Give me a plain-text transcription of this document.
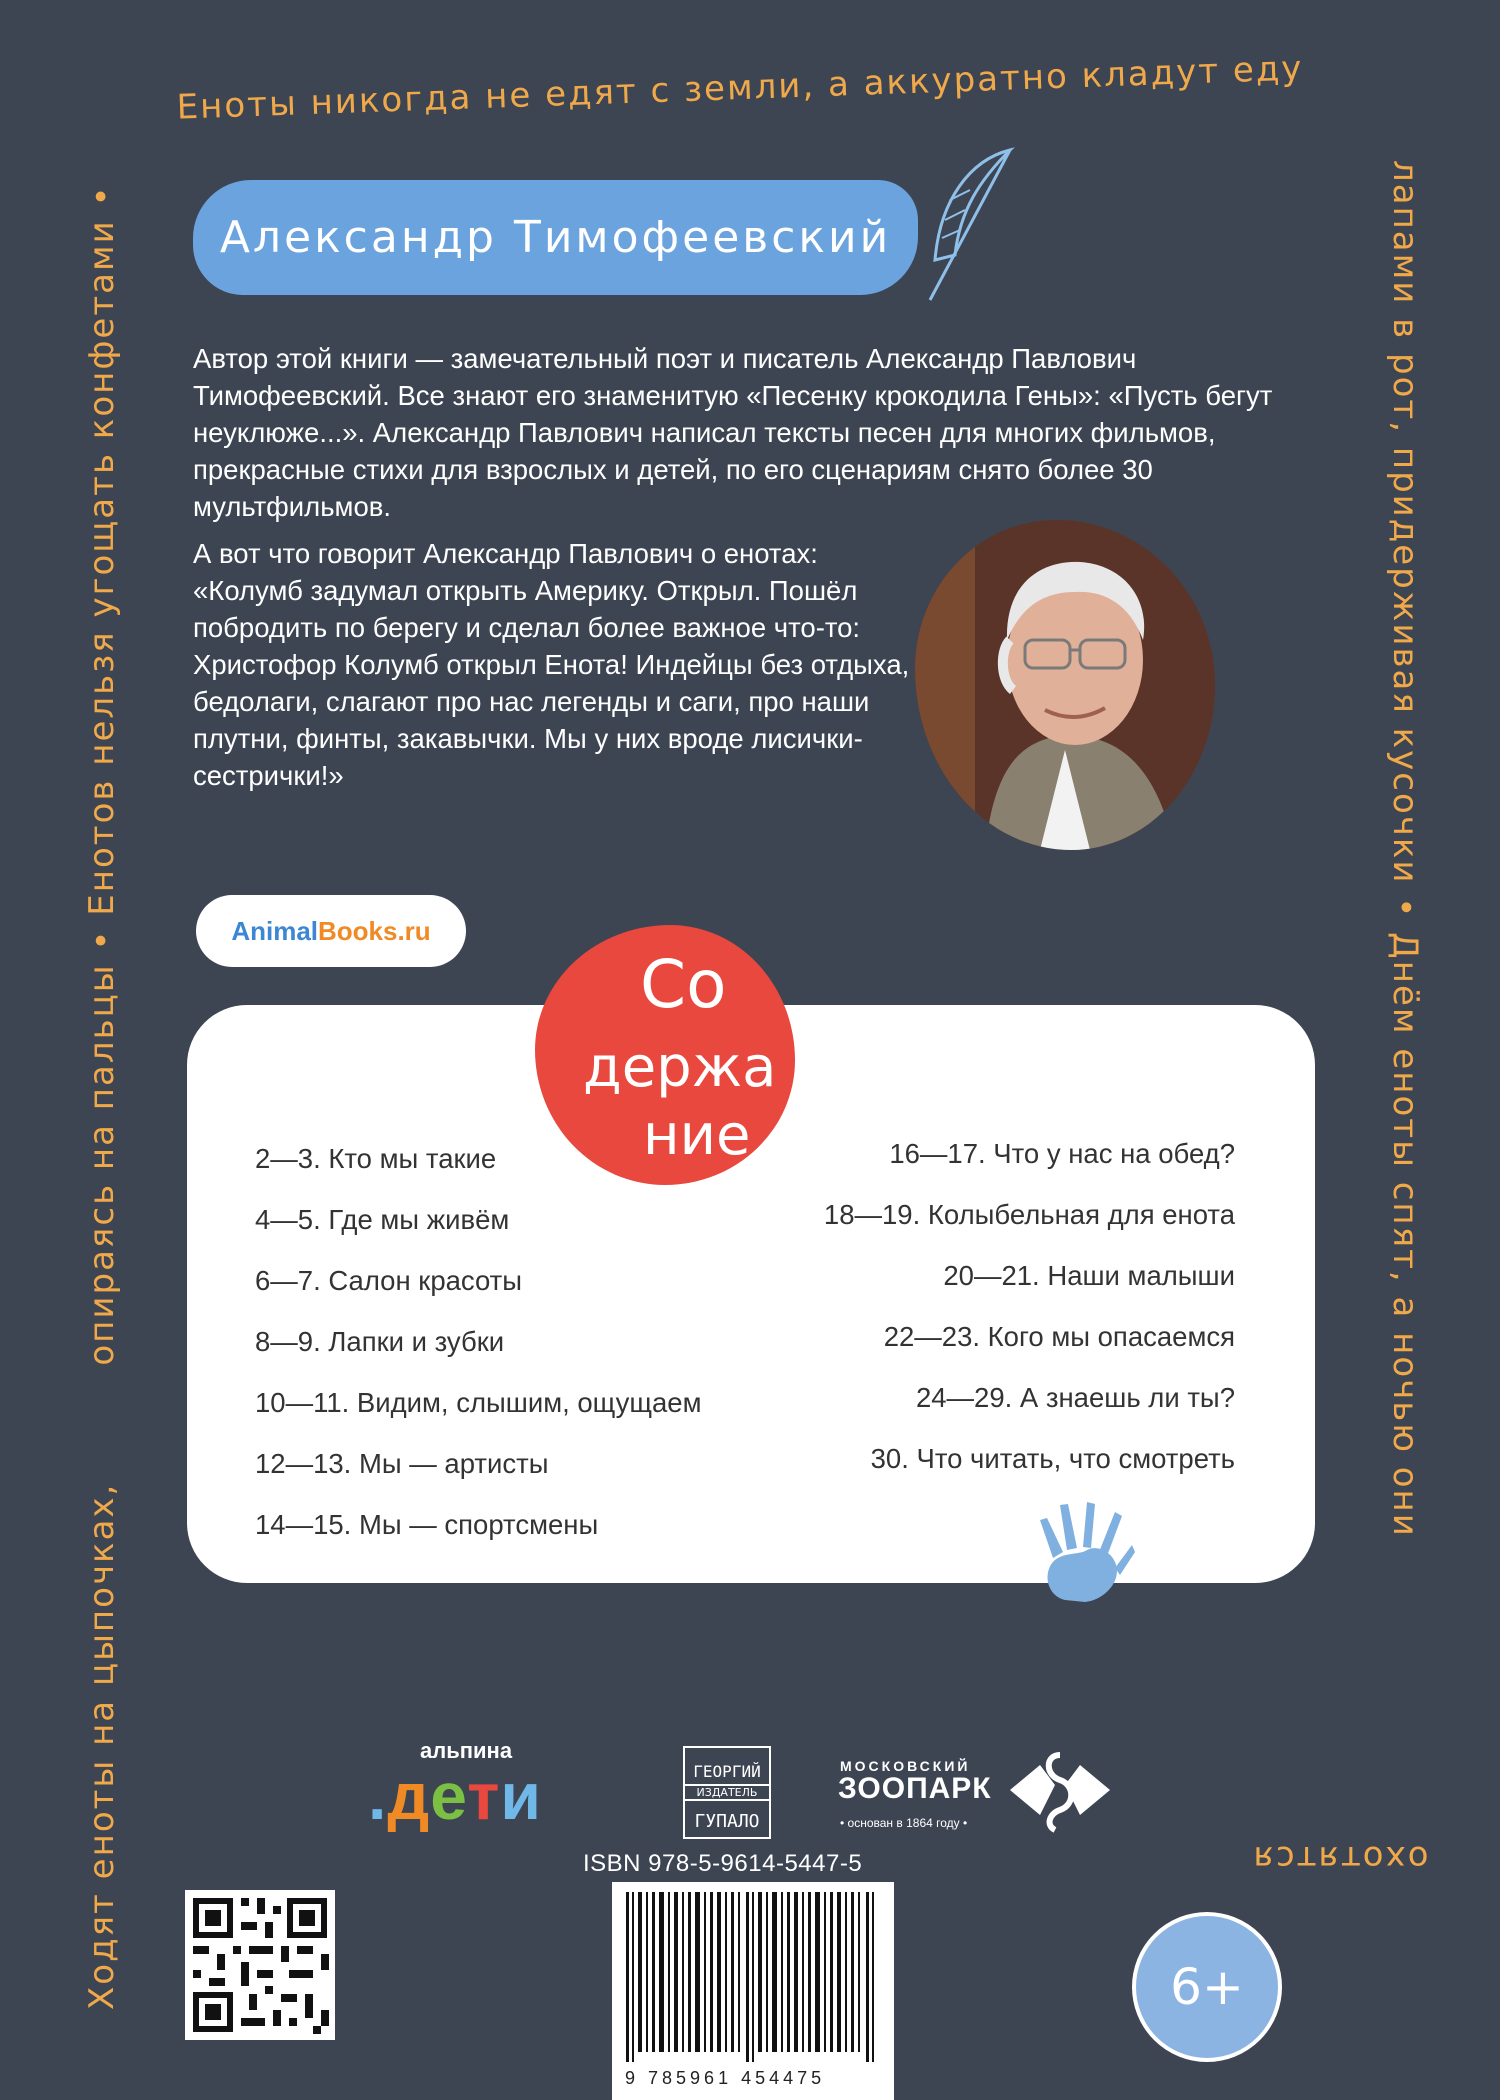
Еноты никогда не едят с земли, а аккуратно кладут еду
лапами в рот, придерживая кусочки • Днём еноты спят, а ночью они
охотятся
опираясь на пальцы • Енотов нельзя угощать конфетами •
Ходят еноты на цыпочках,
Александр Тимофеевский

Автор этой книги — замечательный поэт и писатель Александр Павлович Тимофеевский. Все знают его знаменитую «Песенку крокодила Гены»: «Пусть бегут неуклюже...». Александр Павлович написал тексты песен для многих фильмов, прекрасные стихи для взрослых и детей, по его сценариям снято более 30 мультфильмов.

А вот что говорит Александр Павлович о енотах: «Колумб задумал открыть Америку. Открыл. Пошёл побродить по берегу и сделал более важное что-то: Христофор Колумб открыл Енота! Индейцы без отдыха, бедолаги, слагают про нас легенды и саги, про наши плутни, финты, закавычки. Мы у них вроде лисички-сестрички!»

Animal Books.ru
Со
держа
ние
2—3. Кто мы такие
4—5. Где мы живём
6—7. Салон красоты
8—9. Лапки и зубки
10—11. Видим, слышим, ощущаем
12—13. Мы — артисты
14—15. Мы — спортсмены
16—17. Что у нас на обед?
18—19. Колыбельная для енота
20—21. Наши малыши
22—23. Кого мы опасаемся
24—29. А знаешь ли ты?
30. Что читать, что смотреть
альпина
.дети	ГЕОРГИЙ
ИЗДАТЕЛЬ
ГУПАЛО
МОСКОВСКИЙ
ЗООПАРК
• основан в 1864 году •
ISBN 978-5-9614-5447-5
9 785961 454475
6+
